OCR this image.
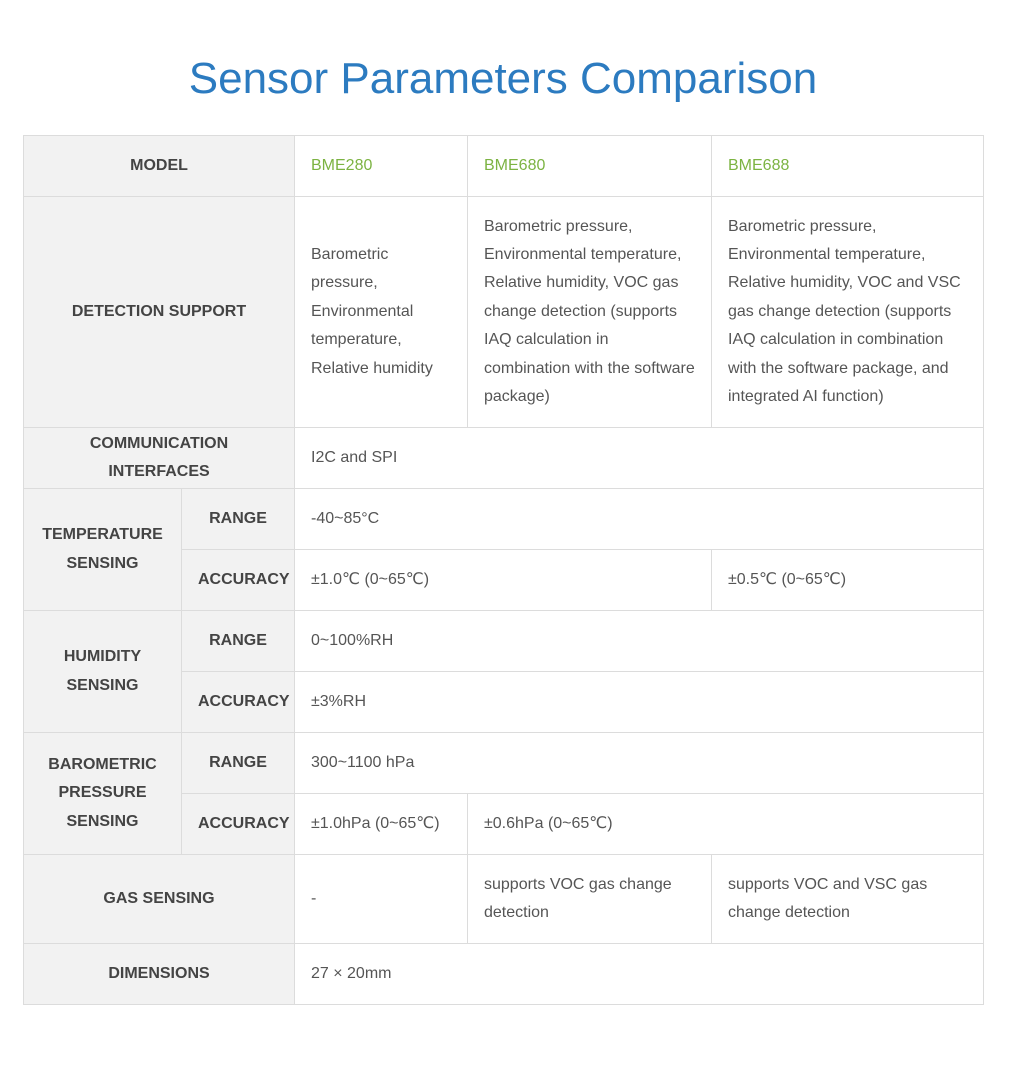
Sensor Parameters Comparison
MODEL		BME280	BME680	BME688
DETECTION SUPPORT		Barometric pressure, Environmental temperature, Relative humidity	Barometric pressure, Environmental temperature, Relative humidity, VOC gas change detection (supports IAQ calculation in combination with the software package)	Barometric pressure, Environmental temperature, Relative humidity, VOC and VSC gas change detection (supports IAQ calculation in combination with the software package, and integrated AI function)
COMMUNICATION INTERFACES		I2C and SPI		
TEMPERATURE SENSING	RANGE	-40~85°C		
	ACCURACY	±1.0℃ (0~65℃)		±0.5℃ (0~65℃)
HUMIDITY SENSING	RANGE	0~100%RH		
	ACCURACY	±3%RH		
BAROMETRIC PRESSURE SENSING	RANGE	300~1100 hPa		
	ACCURACY	±1.0hPa (0~65℃)	±0.6hPa (0~65℃)	
GAS SENSING		-	supports VOC gas change detection	supports VOC and VSC gas change detection
DIMENSIONS		27 × 20mm		
